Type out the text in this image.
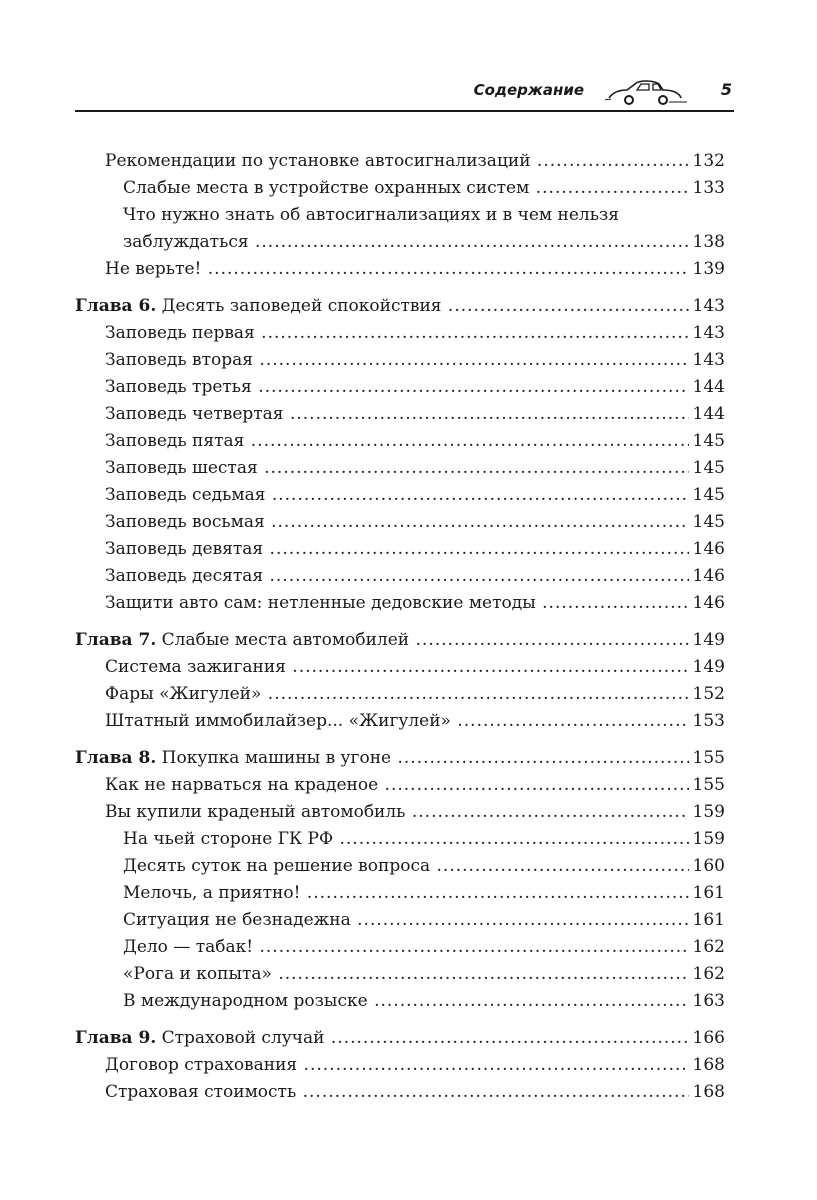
Содержание	5
Рекомендации по установке автосигнализаций .....	132
Слабые места в устройстве охранных систем .....	133
Что нужно знать об автосигнализациях и в чем нельзя
заблуждаться .....	138
Не верьте! .....	139
Глава 6. Десять заповедей спокойствия .....	143
Заповедь первая .....	143
Заповедь вторая .....	143
Заповедь третья .....	144
Заповедь четвертая .....	144
Заповедь пятая .....	145
Заповедь шестая .....	145
Заповедь седьмая .....	145
Заповедь восьмая .....	145
Заповедь девятая .....	146
Заповедь десятая .....	146
Защити авто сам: нетленные дедовские методы .....	146
Глава 7. Слабые места автомобилей .....	149
Система зажигания .....	149
Фары «Жигулей» .....	152
Штатный иммобилайзер... «Жигулей» .....	153
Глава 8. Покупка машины в угоне .....	155
Как не нарваться на краденое .....	155
Вы купили краденый автомобиль .....	159
На чьей стороне ГК РФ .....	159
Десять суток на решение вопроса .....	160
Мелочь, а приятно! .....	161
Ситуация не безнадежна .....	161
Дело — табак! .....	162
«Рога и копыта» .....	162
В международном розыске .....	163
Глава 9. Страховой случай .....	166
Договор страхования .....	168
Страховая стоимость .....	168
